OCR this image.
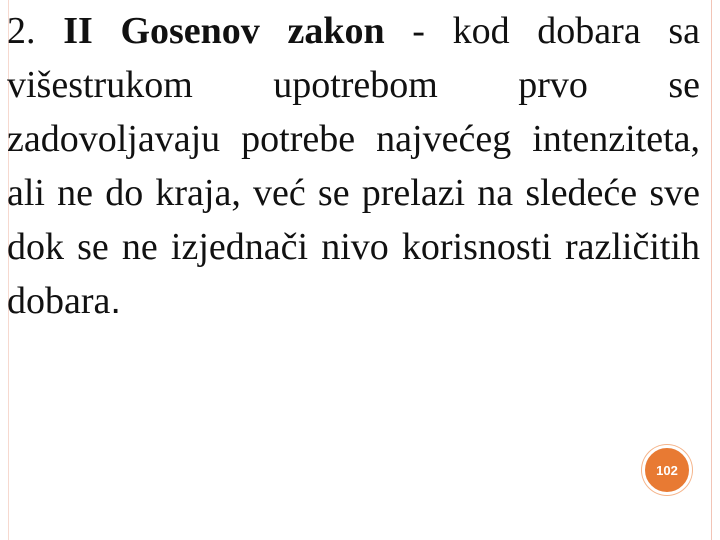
2. II Gosenov zakon - kod dobara sa višestrukom upotrebom prvo se zadovoljavaju potrebe najvećeg intenziteta, ali ne do kraja, već se prelazi na sledeće sve dok se ne izjednači nivo korisnosti različitih dobara.
102
